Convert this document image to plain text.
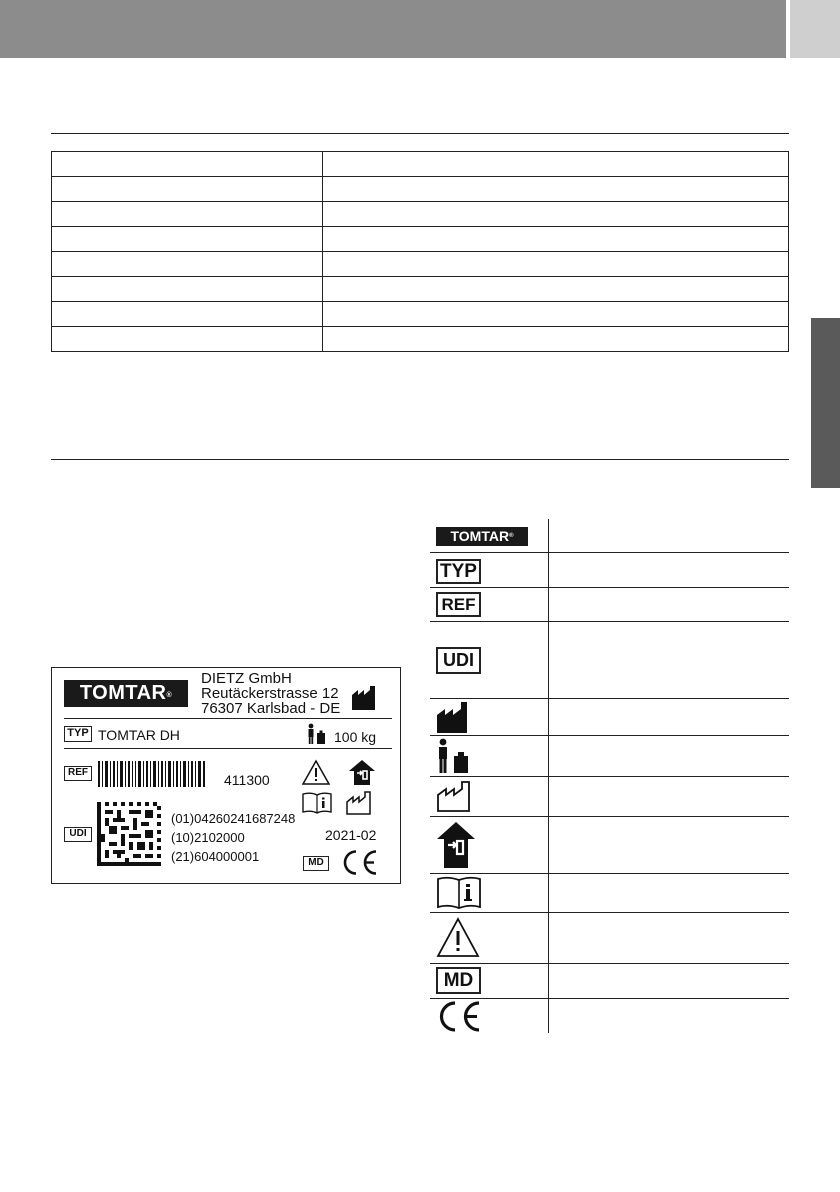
TOMTAR®
DIETZ GmbH
Reutäckerstrasse 12
76307 Karlsbad - DE
TYP TOMTAR DH	100 kg
REF	411300
UDI
(01)04260241687248
(10)2102000
(21)604000001
2021-02
MD
TOMTAR®
TYP
REF
UDI
MD
